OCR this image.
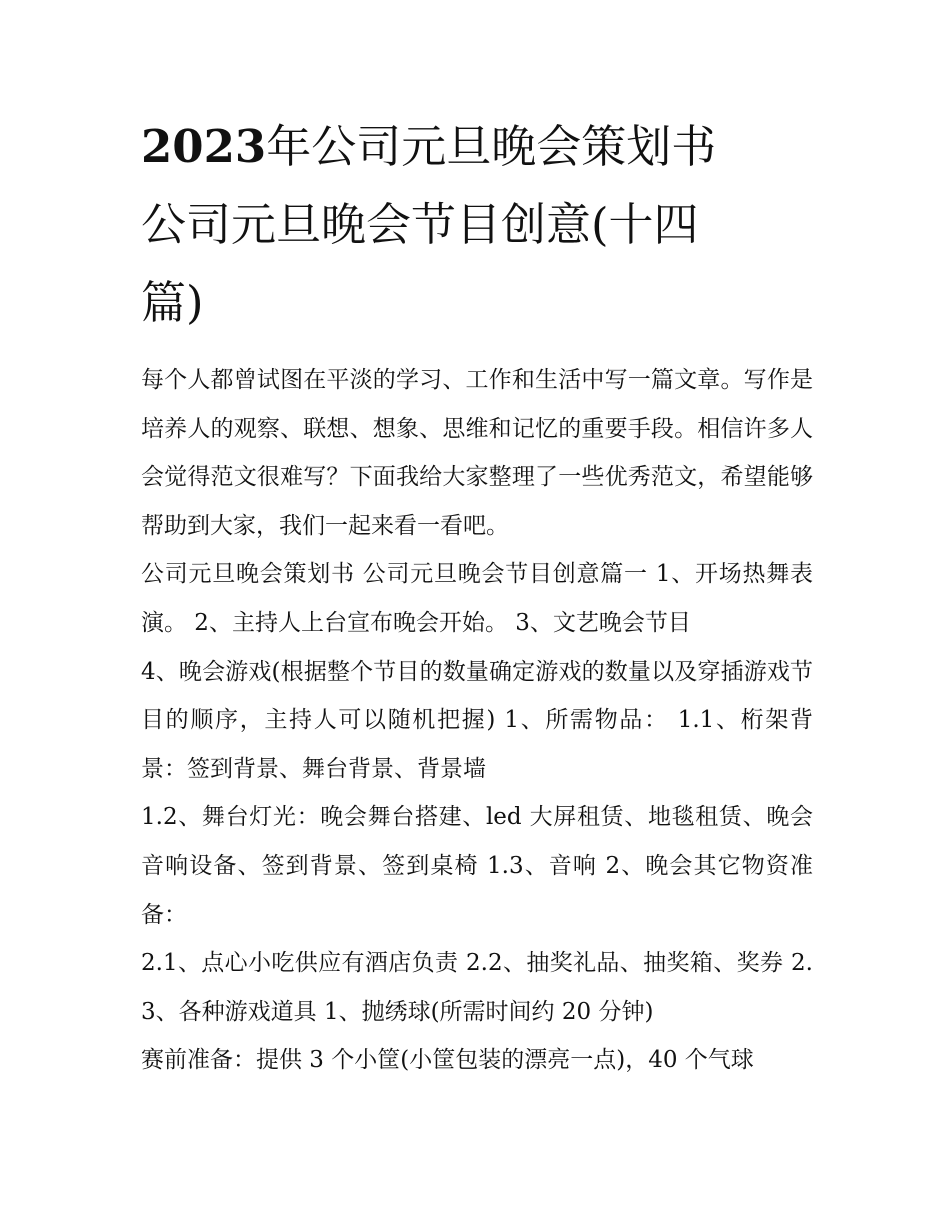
2023年公司元旦晚会策划书
公司元旦晚会节目创意(十四
篇)

每个人都曾试图在平淡的学习、工作和生活中写一篇文章。写作是培养人的观察、联想、想象、思维和记忆的重要手段。相信许多人会觉得范文很难写？下面我给大家整理了一些优秀范文，希望能够帮助到大家，我们一起来看一看吧。

公司元旦晚会策划书 公司元旦晚会节目创意篇一 1、开场热舞表演。 2、主持人上台宣布晚会开始。 3、文艺晚会节目

4、晚会游戏(根据整个节目的数量确定游戏的数量以及穿插游戏节目的顺序，主持人可以随机把握) 1、所需物品： 1.1、桁架背景：签到背景、舞台背景、背景墙

1.2、舞台灯光：晚会舞台搭建、led 大屏租赁、地毯租赁、晚会音响设备、签到背景、签到桌椅 1.3、音响 2、晚会其它物资准备：

2.1、点心小吃供应有酒店负责 2.2、抽奖礼品、抽奖箱、奖券 2.3、各种游戏道具 1、抛绣球(所需时间约 20 分钟)

赛前准备：提供 3 个小筐(小筐包装的漂亮一点)，40 个气球
